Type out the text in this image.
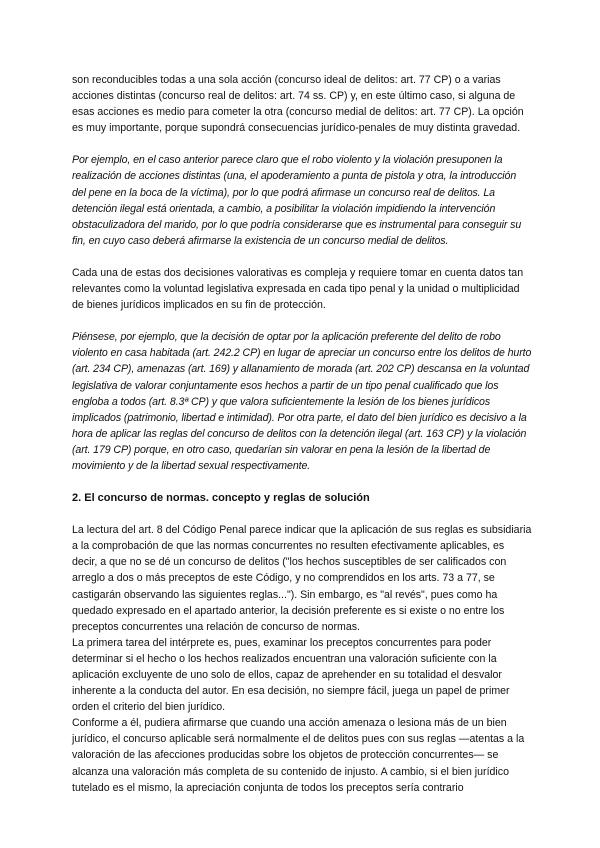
son reconducibles todas a una sola acción (concurso ideal de delitos: art. 77 CP) o a varias acciones distintas (concurso real de delitos: art. 74 ss. CP) y, en este último caso, si alguna de esas acciones es medio para cometer la otra (concurso medial de delitos: art. 77 CP). La opción es muy importante, porque supondrá consecuencias jurídico-penales de muy distinta gravedad.

Por ejemplo, en el caso anterior parece claro que el robo violento y la violación presuponen la realización de acciones distintas (una, el apoderamiento a punta de pistola y otra, la introducción del pene en la boca de la víctima), por lo que podrá afirmase un concurso real de delitos. La detención ilegal está orientada, a cambio, a posibilitar la violación impidiendo la intervención obstaculizadora del marido, por lo que podría considerarse que es instrumental para conseguir su fin, en cuyo caso deberá afirmarse la existencia de un concurso medial de delitos.

Cada una de estas dos decisiones valorativas es compleja y requiere tomar en cuenta datos tan relevantes como la voluntad legislativa expresada en cada tipo penal y la unidad o multiplicidad de bienes jurídicos implicados en su fin de protección.

Piénsese, por ejemplo, que la decisión de optar por la aplicación preferente del delito de robo violento en casa habitada (art. 242.2 CP) en lugar de apreciar un concurso entre los delitos de hurto (art. 234 CP), amenazas (art. 169) y allanamiento de morada (art. 202 CP) descansa en la voluntad legislativa de valorar conjuntamente esos hechos a partir de un tipo penal cualificado que los engloba a todos (art. 8.3ª CP) y que valora suficientemente la lesión de los bienes jurídicos implicados (patrimonio, libertad e intimidad). Por otra parte, el dato del bien jurídico es decisivo a la hora de aplicar las reglas del concurso de delitos con la detención ilegal (art. 163 CP) y la violación (art. 179 CP) porque, en otro caso, quedarían sin valorar en pena la lesión de la libertad de movimiento y de la libertad sexual respectivamente.

2. El concurso de normas. concepto y reglas de solución

La lectura del art. 8 del Código Penal parece indicar que la aplicación de sus reglas es subsidiaria a la comprobación de que las normas concurrentes no resulten efectivamente aplicables, es decir, a que no se dé un concurso de delitos ("los hechos susceptibles de ser calificados con arreglo a dos o más preceptos de este Código, y no comprendidos en los arts. 73 a 77, se castigarán observando las siguientes reglas..."). Sin embargo, es "al revés", pues como ha quedado expresado en el apartado anterior, la decisión preferente es si existe o no entre los preceptos concurrentes una relación de concurso de normas.

La primera tarea del intérprete es, pues, examinar los preceptos concurrentes para poder determinar si el hecho o los hechos realizados encuentran una valoración suficiente con la aplicación excluyente de uno solo de ellos, capaz de aprehender en su totalidad el desvalor inherente a la conducta del autor. En esa decisión, no siempre fácil, juega un papel de primer orden el criterio del bien jurídico.

Conforme a él, pudiera afirmarse que cuando una acción amenaza o lesiona más de un bien jurídico, el concurso aplicable será normalmente el de delitos pues con sus reglas —atentas a la valoración de las afecciones producidas sobre los objetos de protección concurrentes— se alcanza una valoración más completa de su contenido de injusto. A cambio, si el bien jurídico tutelado es el mismo, la apreciación conjunta de todos los preceptos sería contrario
